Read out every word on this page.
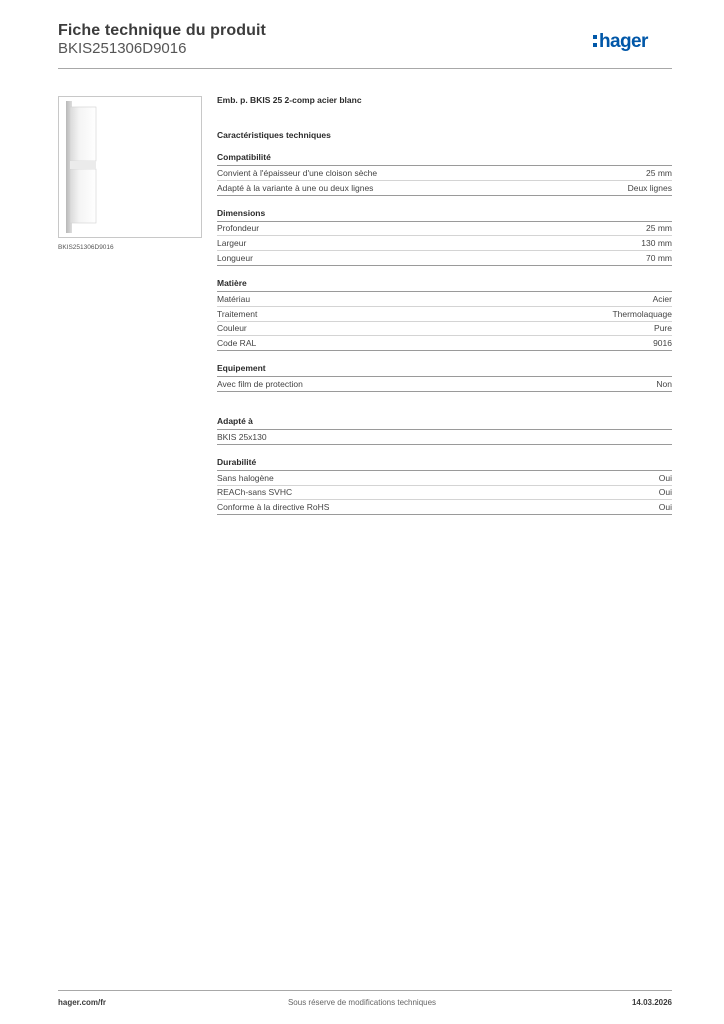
Fiche technique du produit
BKIS251306D9016	hager
BKIS251306D9016
Emb. p. BKIS 25 2-comp acier blanc
Caractéristiques techniques
Compatibilité
Convient à l'épaisseur d'une cloison sèche	25 mm
Adapté à la variante à une ou deux lignes	Deux lignes
Dimensions
Profondeur	25 mm
Largeur	130 mm
Longueur	70 mm
Matière
Matériau	Acier
Traitement	Thermolaquage
Couleur	Pure
Code RAL	9016
Equipement
Avec film de protection	Non
Adapté à
BKIS 25x130
Durabilité
Sans halogène	Oui
REACh-sans SVHC	Oui
Conforme à la directive RoHS	Oui
hager.com/fr	Sous réserve de modifications techniques	14.03.2026
